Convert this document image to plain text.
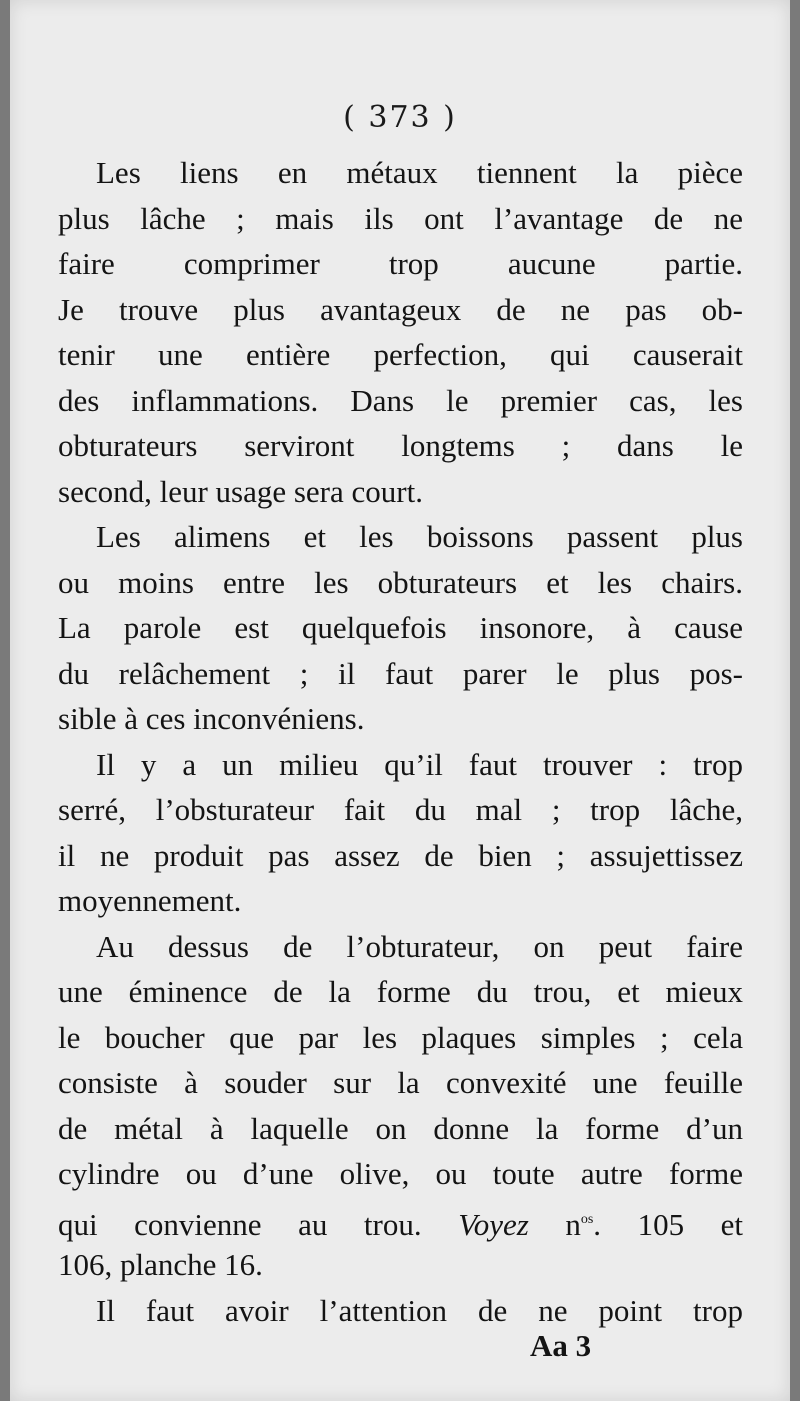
( 373 )
Les liens en métaux tiennent la pièce
plus lâche ; mais ils ont l’avantage de ne
faire comprimer trop aucune partie.
Je trouve plus avantageux de ne pas ob-
tenir une entière perfection, qui causerait
des inflammations. Dans le premier cas, les
obturateurs serviront longtems ; dans le
second, leur usage sera court.
Les alimens et les boissons passent plus
ou moins entre les obturateurs et les chairs.
La parole est quelquefois insonore, à cause
du relâchement ; il faut parer le plus pos-
sible à ces inconvéniens.
Il y a un milieu qu’il faut trouver : trop
serré, l’obsturateur fait du mal ; trop lâche,
il ne produit pas assez de bien ; assujettissez
moyennement.
Au dessus de l’obturateur, on peut faire
une éminence de la forme du trou, et mieux
le boucher que par les plaques simples ; cela
consiste à souder sur la convexité une feuille
de métal à laquelle on donne la forme d’un
cylindre ou d’une olive, ou toute autre forme
qui convienne au trou. Voyez $n^{os}$. 105 et
106, planche 16.
Il faut avoir l’attention de ne point trop
Aa 3
